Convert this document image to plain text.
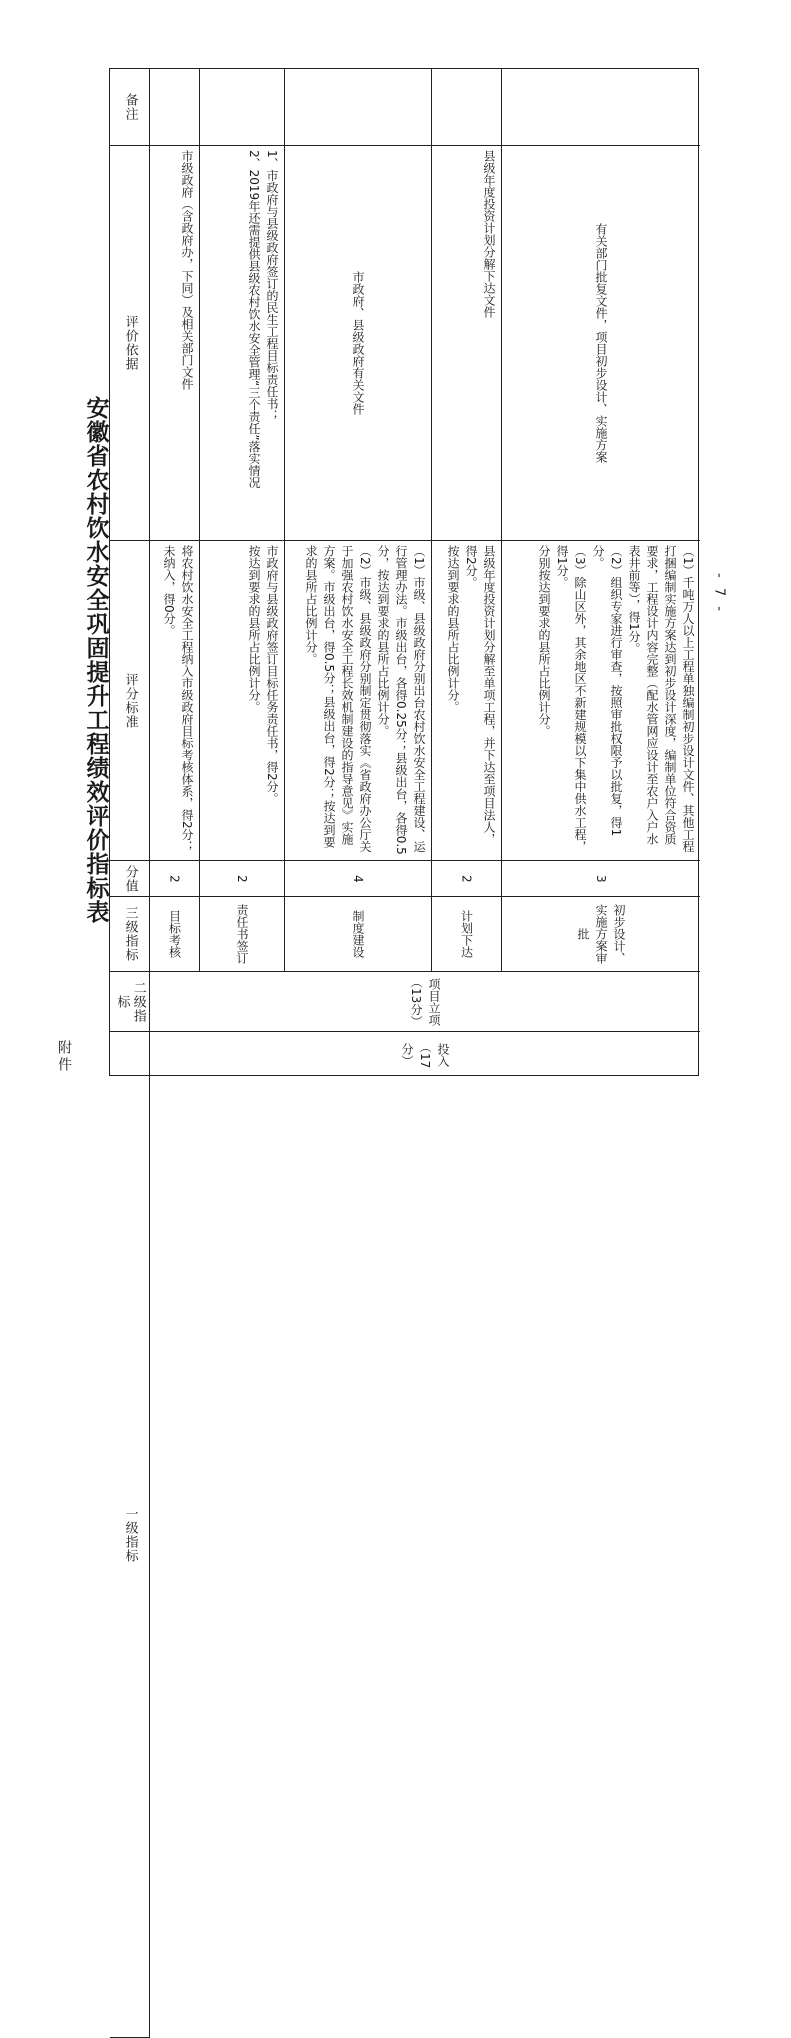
附件
安徽省农村饮水安全巩固提升工程绩效评价指标表	- 7 -
备注
评价依据
评分标准
分值
三级指标
二级指标
一级指标
市级政府（含政府办，下同）及相关部门文件
将农村饮水安全工程纳入市级政府目标考核体系，得2分；未纳入，得0分。
2
目标考核
1、市政府与县级政府签订的民生工程目标责任书；
2、2019年还需提供县级农村饮水安全管理“三个责任”落实情况
市政府与县级政府签订目标任务责任书，得2分。
按达到要求的县所占比例计分。
2
责任书签订
市政府、县级政府有关文件
（1）市级、县级政府分别出台农村饮水安全工程建设、运行管理办法。市级出台，各得0.25分；县级出台，各得0.5分，按达到要求的县所占比例计分。
（2）市级、县级政府分别制定贯彻落实《省政府办公厅关于加强农村饮水安全工程长效机制建设的指导意见》实施方案。市级出台，得0.5分；县级出台，得2分；按达到要求的县所占比例计分。
4
制度建设
县级年度投资计划分解下达文件
县级年度投资计划分解至单项工程，并下达至项目法人，得2分。
按达到要求的县所占比例计分。
2
计划下达
有关部门批复文件，项目初步设计、实施方案
（1）千吨万人以上工程单独编制初步设计文件、其他工程打捆编制实施方案达到初步设计深度，编制单位符合资质要求，工程设计内容完整（配水管网应设计至农户入户水表井前等），得1分。
（2）组织专家进行审查，按照审批权限予以批复，得1分。
（3）除山区外，其余地区不新建规模以下集中供水工程，得1分。
分别按达到要求的县所占比例计分。
3
初步设计、实施方案审批
项目立项（13分）
投入（17分）
